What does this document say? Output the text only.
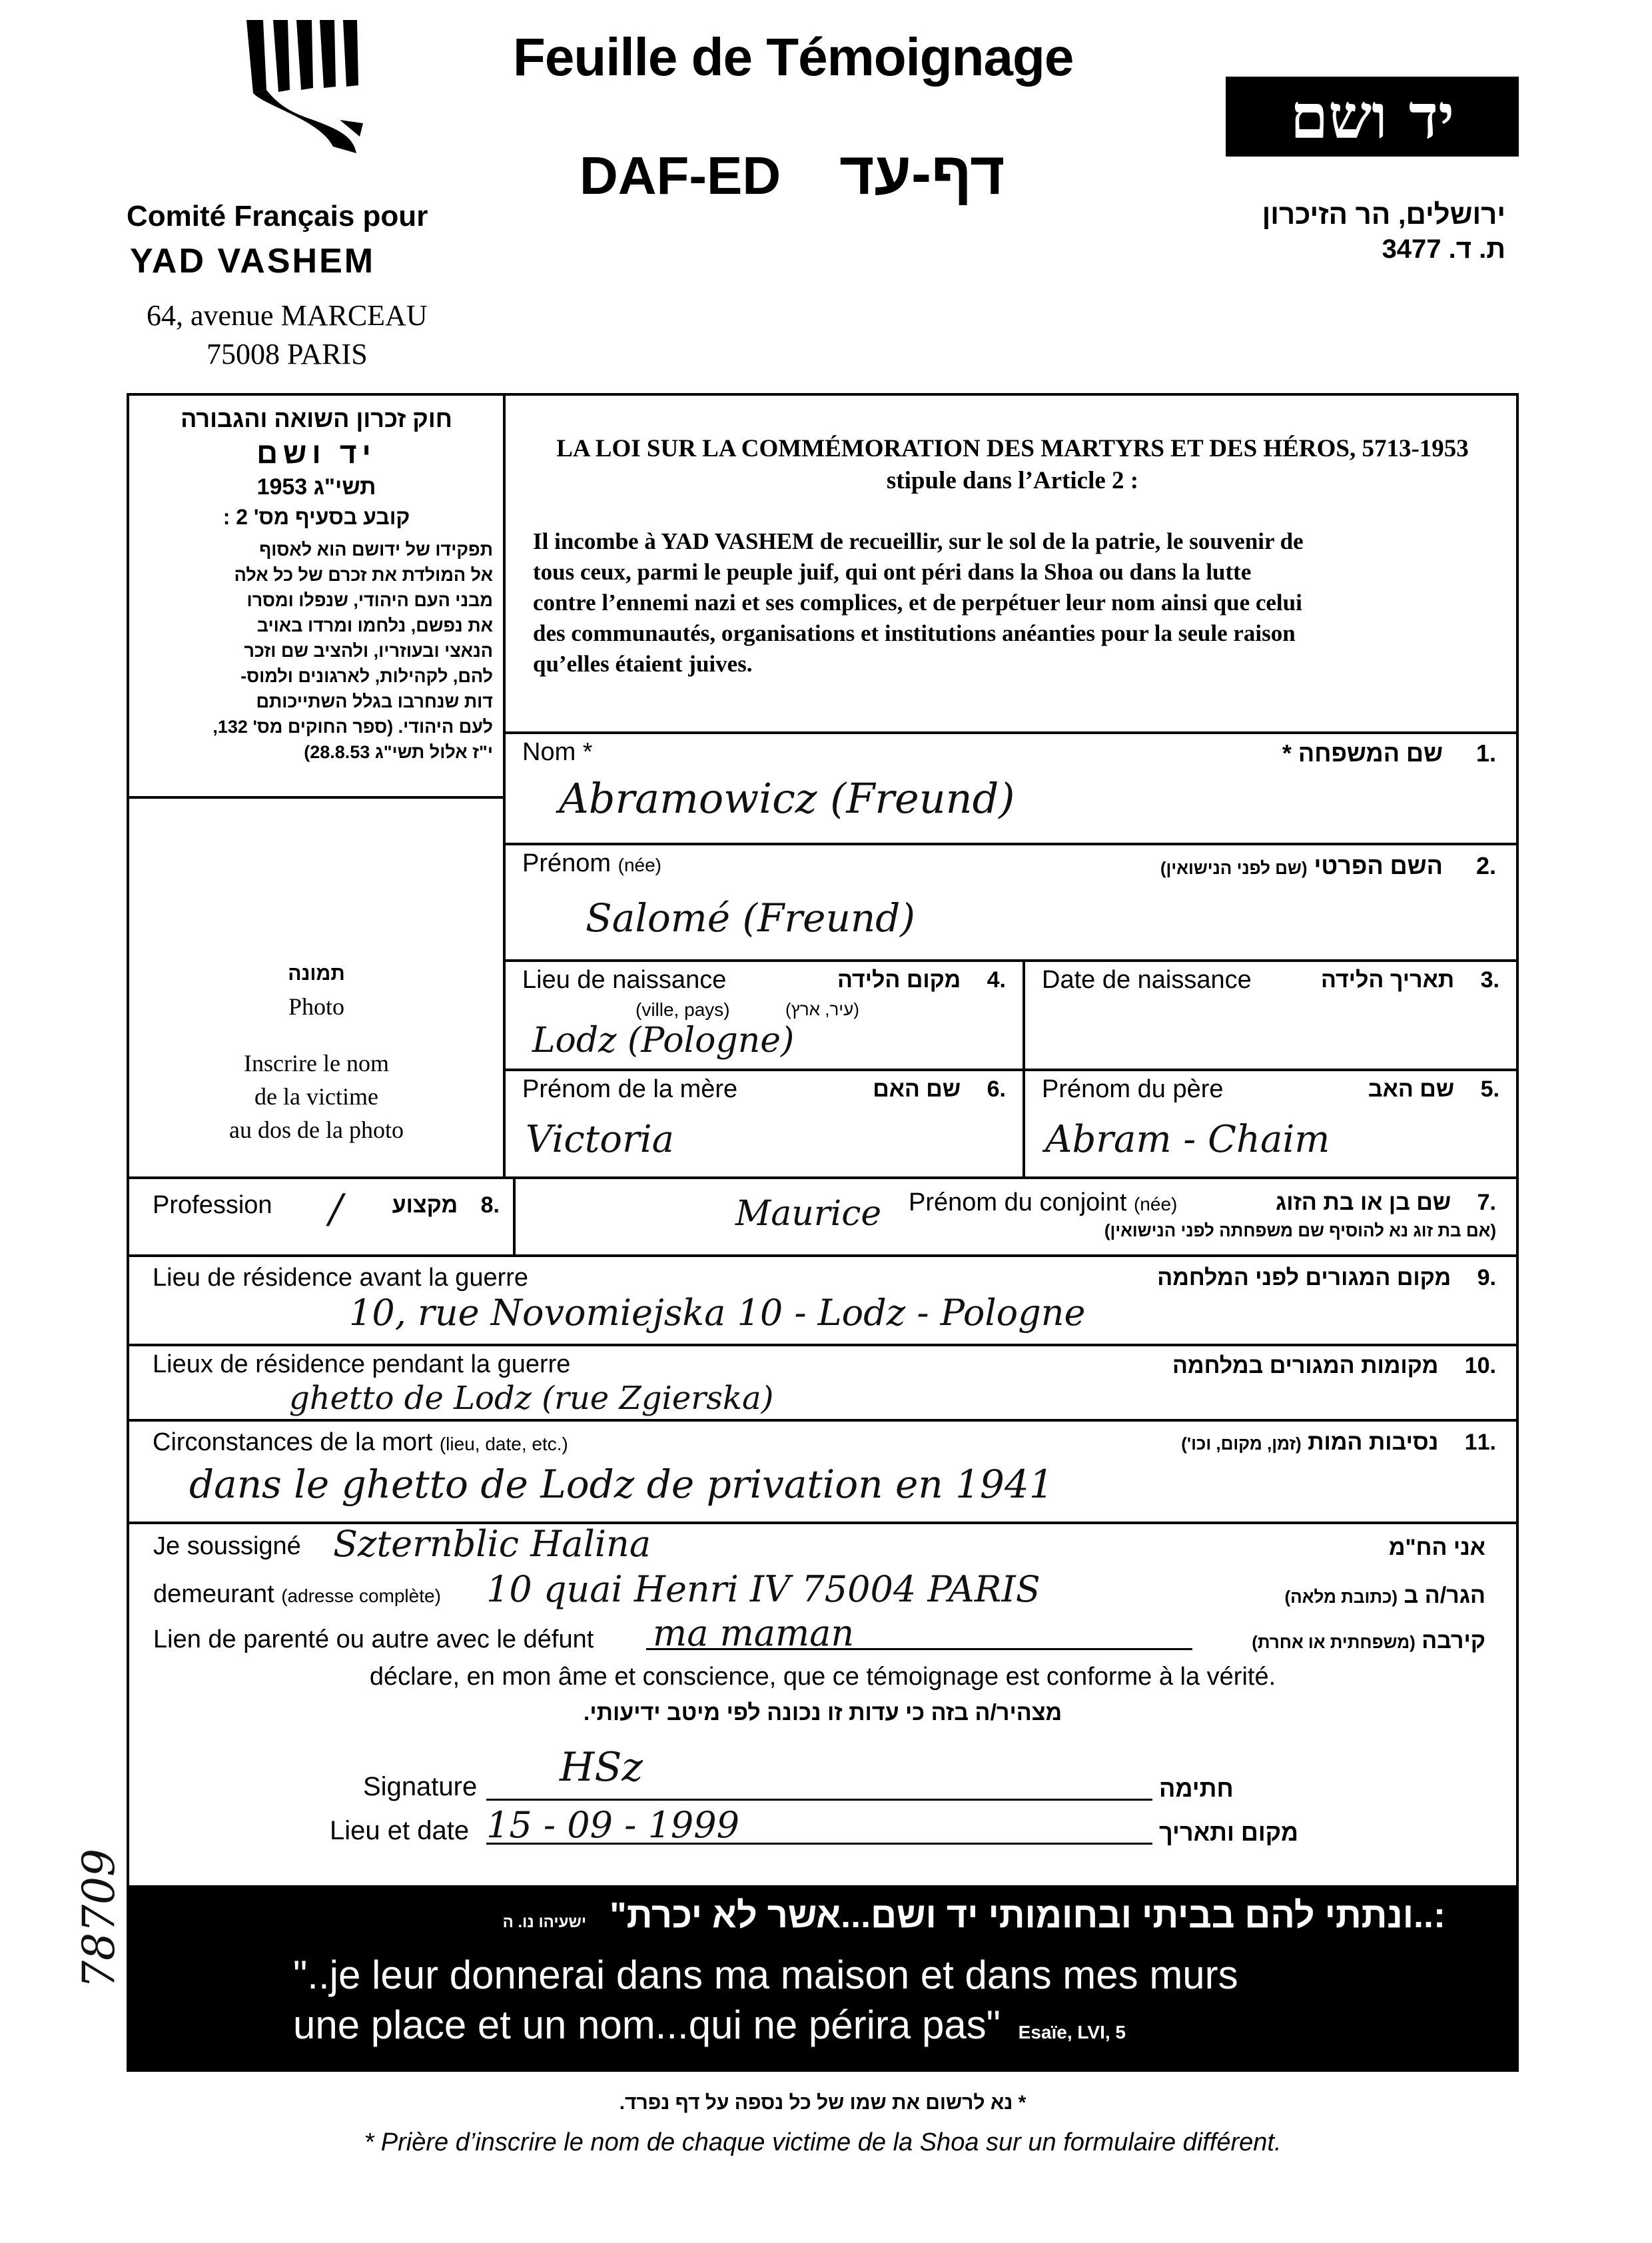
Comité Français pour
YAD VASHEM
64, avenue MARCEAU
75008 PARIS
Feuille de Témoignage
DAF-ED דף-עד
יד ושם
ירושלים, הר הזיכרון
ת. ד. 3477
חוק זכרון השואה והגבורה
יד ושם
תשי"ג 1953
קובע בסעיף מס' 2 :
תפקידו של ידושם הוא לאסוף
אל המולדת את זכרם של כל אלה
מבני העם היהודי, שנפלו ומסרו
את נפשם, נלחמו ומרדו באויב
הנאצי ובעוזריו, ולהציב שם וזכר
להם, לקהילות, לארגונים ולמוס-
דות שנחרבו בגלל השתייכותם
לעם היהודי. (ספר החוקים מס' 132,
י"ז אלול תשי"ג 28.8.53)
תמונה
Photo
Inscrire le nom
de la victime
au dos de la photo
LA LOI SUR LA COMMÉMORATION DES MARTYRS ET DES HÉROS, 5713-1953
stipule dans l’Article 2 :
Il incombe à YAD VASHEM de recueillir, sur le sol de la patrie, le souvenir de
tous ceux, parmi le peuple juif, qui ont péri dans la Shoa ou dans la lutte
contre l’ennemi nazi et ses complices, et de perpétuer leur nom ainsi que celui
des communautés, organisations et institutions anéanties pour la seule raison
qu’elles étaient juives.
Nom *	.1 שם המשפחה *
Abramowicz (Freund)
Prénom (née)	.2 השם הפרטי (שם לפני הנישואין)
Salomé (Freund)
Lieu de naissance	.4 מקום הלידה
(ville, pays)	(עיר, ארץ)
Lodz (Pologne)
Date de naissance	.3 תאריך הלידה
Prénom de la mère	.6 שם האם
Victoria
Prénom du père	.5 שם האב
Abram - Chaim
Profession /	.8 מקצוע	Maurice Prénom du conjoint (née)	.7 שם בן או בת הזוג
(אם בת זוג נא להוסיף שם משפחתה לפני הנישואין)
Lieu de résidence avant la guerre	.9 מקום המגורים לפני המלחמה
10, rue Novomiejska 10 - Lodz - Pologne
Lieux de résidence pendant la guerre	.10 מקומות המגורים במלחמה
ghetto de Lodz (rue Zgierska)
Circonstances de la mort (lieu, date, etc.)	.11 נסיבות המות (זמן, מקום, וכו')
dans le ghetto de Lodz de privation en 1941
Je soussigné Szternblic Halina	אני הח"מ
demeurant (adresse complète) 10 quai Henri IV 75004 PARIS	הגר/ה ב (כתובת מלאה)
Lien de parenté ou autre avec le défunt ma maman	קירבה (משפחתית או אחרת)
déclare, en mon âme et conscience, que ce témoignage est conforme à la vérité.
מצהיר/ה בזה כי עדות זו נכונה לפי מיטב ידיעותי.
Signature HSz	חתימה
Lieu et date 15 - 09 - 1999	מקום ותאריך
:..ונתתי להם בביתי ובחומותי יד ושם...אשר לא יכרת" ישעיהו נו. ה
"..je leur donnerai dans ma maison et dans mes murs
une place et un nom...qui ne périra pas" Esaïe, LVI, 5
* נא לרשום את שמו של כל נספה על דף נפרד.
* Prière d’inscrire le nom de chaque victime de la Shoa sur un formulaire différent.
78709
